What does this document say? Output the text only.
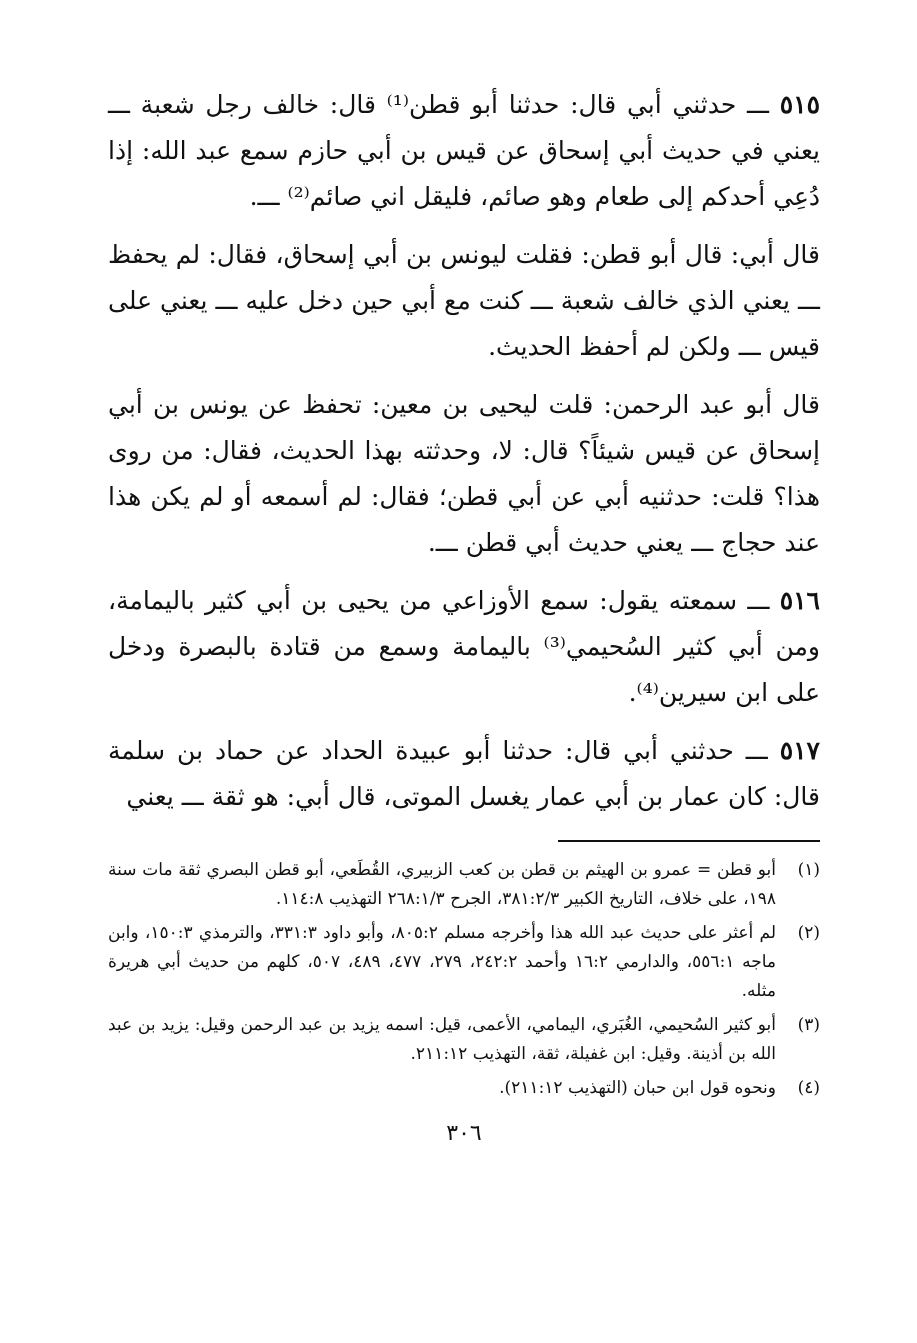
٥١٥ ـــ حدثني أبي قال: حدثنا أبو قطن⁽¹⁾ قال: خالف رجل شعبة ـــ يعني في حديث أبي إسحاق عن قيس بن أبي حازم سمع عبد الله: إذا دُعِي أحدكم إلى طعام وهو صائم، فليقل اني صائم⁽²⁾ ـــ.

قال أبي: قال أبو قطن: فقلت ليونس بن أبي إسحاق، فقال: لم يحفظ ـــ يعني الذي خالف شعبة ـــ كنت مع أبي حين دخل عليه ـــ يعني على قيس ـــ ولكن لم أحفظ الحديث.

قال أبو عبد الرحمن: قلت ليحيى بن معين: تحفظ عن يونس بن أبي إسحاق عن قيس شيئاً؟ قال: لا، وحدثته بهذا الحديث، فقال: من روى هذا؟ قلت: حدثنيه أبي عن أبي قطن؛ فقال: لم أسمعه أو لم يكن هذا عند حجاج ـــ يعني حديث أبي قطن ـــ.

٥١٦ ـــ سمعته يقول: سمع الأوزاعي من يحيى بن أبي كثير باليمامة، ومن أبي كثير السُحيمي⁽³⁾ باليمامة وسمع من قتادة بالبصرة ودخل على ابن سيرين⁽⁴⁾.

٥١٧ ـــ حدثني أبي قال: حدثنا أبو عبيدة الحداد عن حماد بن سلمة قال: كان عمار بن أبي عمار يغسل الموتى، قال أبي: هو ثقة ـــ يعني

(١)
أبو قطن = عمرو بن الهيثم بن قطن بن كعب الزبيري، القُطَعي، أبو قطن البصري ثقة مات سنة ١٩٨، على خلاف، التاريخ الكبير ٣٨١:٢/٣، الجرح ٢٦٨:١/٣ التهذيب ١١٤:٨.
(٢)
لم أعثر على حديث عبد الله هذا وأخرجه مسلم ٨٠٥:٢، وأبو داود ٣٣١:٣، والترمذي ١٥٠:٣، وابن ماجه ٥٥٦:١، والدارمي ١٦:٢ وأحمد ٢٤٢:٢، ٢٧٩، ٤٧٧، ٤٨٩، ٥٠٧، كلهم من حديث أبي هريرة مثله.
(٣)
أبو كثير السُحيمي، الغُبَري، اليمامي، الأعمى، قيل: اسمه يزيد بن عبد الرحمن وقيل: يزيد بن عبد الله بن أذينة. وقيل: ابن غفيلة، ثقة، التهذيب ٢١١:١٢.
(٤)
ونحوه قول ابن حبان (التهذيب ٢١١:١٢).
٣٠٦
